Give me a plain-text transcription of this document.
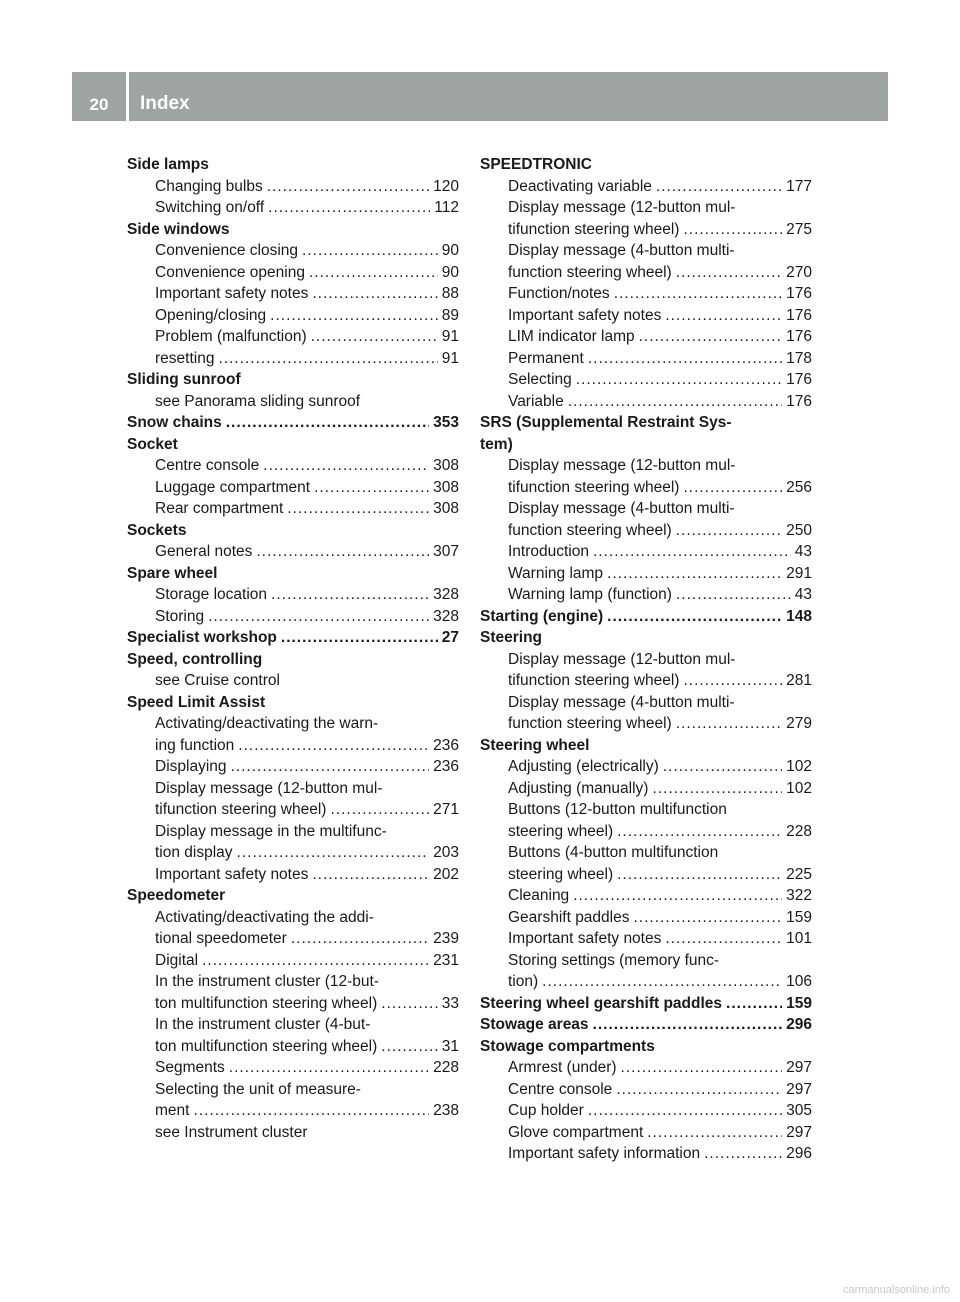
20	Index
Side lamps
Changing bulbs .....	120
Switching on/off .....	112
Side windows
Convenience closing .....	90
Convenience opening .....	90
Important safety notes .....	88
Opening/closing .....	89
Problem (malfunction) .....	91
resetting .....	91
Sliding sunroof
see Panorama sliding sunroof
Snow chains .....	353
Socket
Centre console .....	308
Luggage compartment .....	308
Rear compartment .....	308
Sockets
General notes .....	307
Spare wheel
Storage location .....	328
Storing .....	328
Specialist workshop .....	27
Speed, controlling
see Cruise control
Speed Limit Assist
Activating/deactivating the warn-
ing function .....	236
Displaying .....	236
Display message (12-button mul-
tifunction steering wheel) .....	271
Display message in the multifunc-
tion display .....	203
Important safety notes .....	202
Speedometer
Activating/deactivating the addi-
tional speedometer .....	239
Digital .....	231
In the instrument cluster (12-but-
ton multifunction steering wheel) .....	33
In the instrument cluster (4-but-
ton multifunction steering wheel) .....	31
Segments .....	228
Selecting the unit of measure-
ment .....	238
see Instrument cluster
SPEEDTRONIC
Deactivating variable .....	177
Display message (12-button mul-
tifunction steering wheel) .....	275
Display message (4-button multi-
function steering wheel) .....	270
Function/notes .....	176
Important safety notes .....	176
LIM indicator lamp .....	176
Permanent .....	178
Selecting .....	176
Variable .....	176
SRS (Supplemental Restraint Sys-
tem)
Display message (12-button mul-
tifunction steering wheel) .....	256
Display message (4-button multi-
function steering wheel) .....	250
Introduction .....	43
Warning lamp .....	291
Warning lamp (function) .....	43
Starting (engine) .....	148
Steering
Display message (12-button mul-
tifunction steering wheel) .....	281
Display message (4-button multi-
function steering wheel) .....	279
Steering wheel
Adjusting (electrically) .....	102
Adjusting (manually) .....	102
Buttons (12-button multifunction
steering wheel) .....	228
Buttons (4-button multifunction
steering wheel) .....	225
Cleaning .....	322
Gearshift paddles .....	159
Important safety notes .....	101
Storing settings (memory func-
tion) .....	106
Steering wheel gearshift paddles .....	159
Stowage areas .....	296
Stowage compartments
Armrest (under) .....	297
Centre console .....	297
Cup holder .....	305
Glove compartment .....	297
Important safety information .....	296
carmanualsonline.info
